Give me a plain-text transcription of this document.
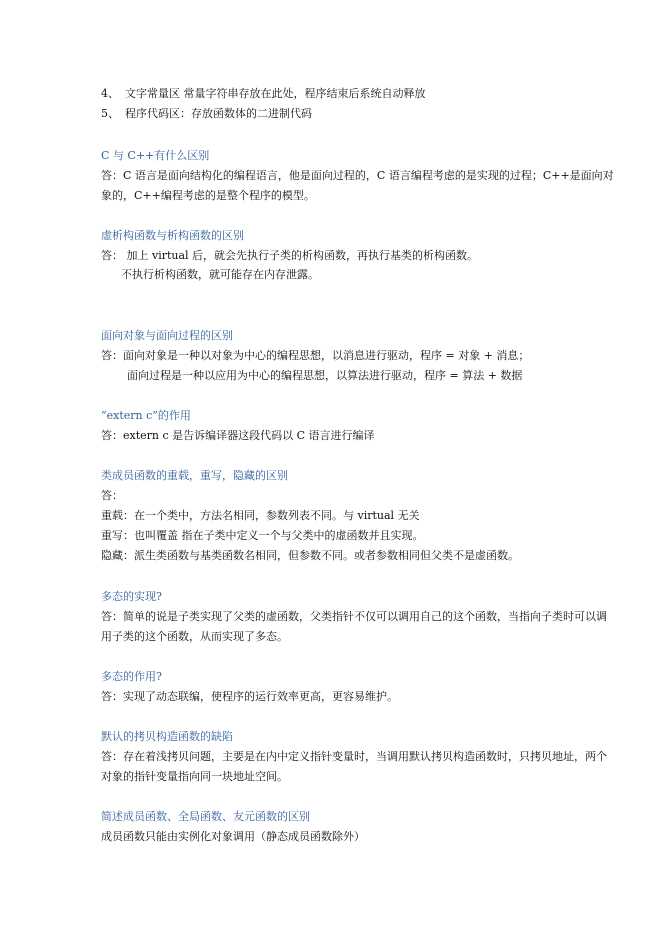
4、 文字常量区 常量字符串存放在此处，程序结束后系统自动释放
5、 程序代码区：存放函数体的二进制代码
C 与 C++有什么区别
答：C 语言是面向结构化的编程语言，他是面向过程的，C 语言编程考虑的是实现的过程；C++是面向对
象的，C++编程考虑的是整个程序的模型。
虚析构函数与析构函数的区别
答： 加上 virtual 后，就会先执行子类的析构函数，再执行基类的析构函数。
不执行析构函数，就可能存在内存泄露。
面向对象与面向过程的区别
答：面向对象是一种以对象为中心的编程思想，以消息进行驱动，程序 = 对象 + 消息；
面向过程是一种以应用为中心的编程思想，以算法进行驱动，程序 = 算法 + 数据
“extern c”的作用
答：extern c 是告诉编译器这段代码以 C 语言进行编译
类成员函数的重载，重写，隐藏的区别
答：
重载：在一个类中，方法名相同，参数列表不同。与 virtual 无关
重写：也叫覆盖 指在子类中定义一个与父类中的虚函数并且实现。
隐藏：派生类函数与基类函数名相同，但参数不同。或者参数相同但父类不是虚函数。
多态的实现?
答：简单的说是子类实现了父类的虚函数，父类指针不仅可以调用自己的这个函数，当指向子类时可以调
用子类的这个函数，从而实现了多态。
多态的作用?
答：实现了动态联编，使程序的运行效率更高，更容易维护。
默认的拷贝构造函数的缺陷
答：存在着浅拷贝问题，主要是在内中定义指针变量时，当调用默认拷贝构造函数时，只拷贝地址，两个
对象的指针变量指向同一块地址空间。
简述成员函数、全局函数、友元函数的区别
成员函数只能由实例化对象调用（静态成员函数除外）
